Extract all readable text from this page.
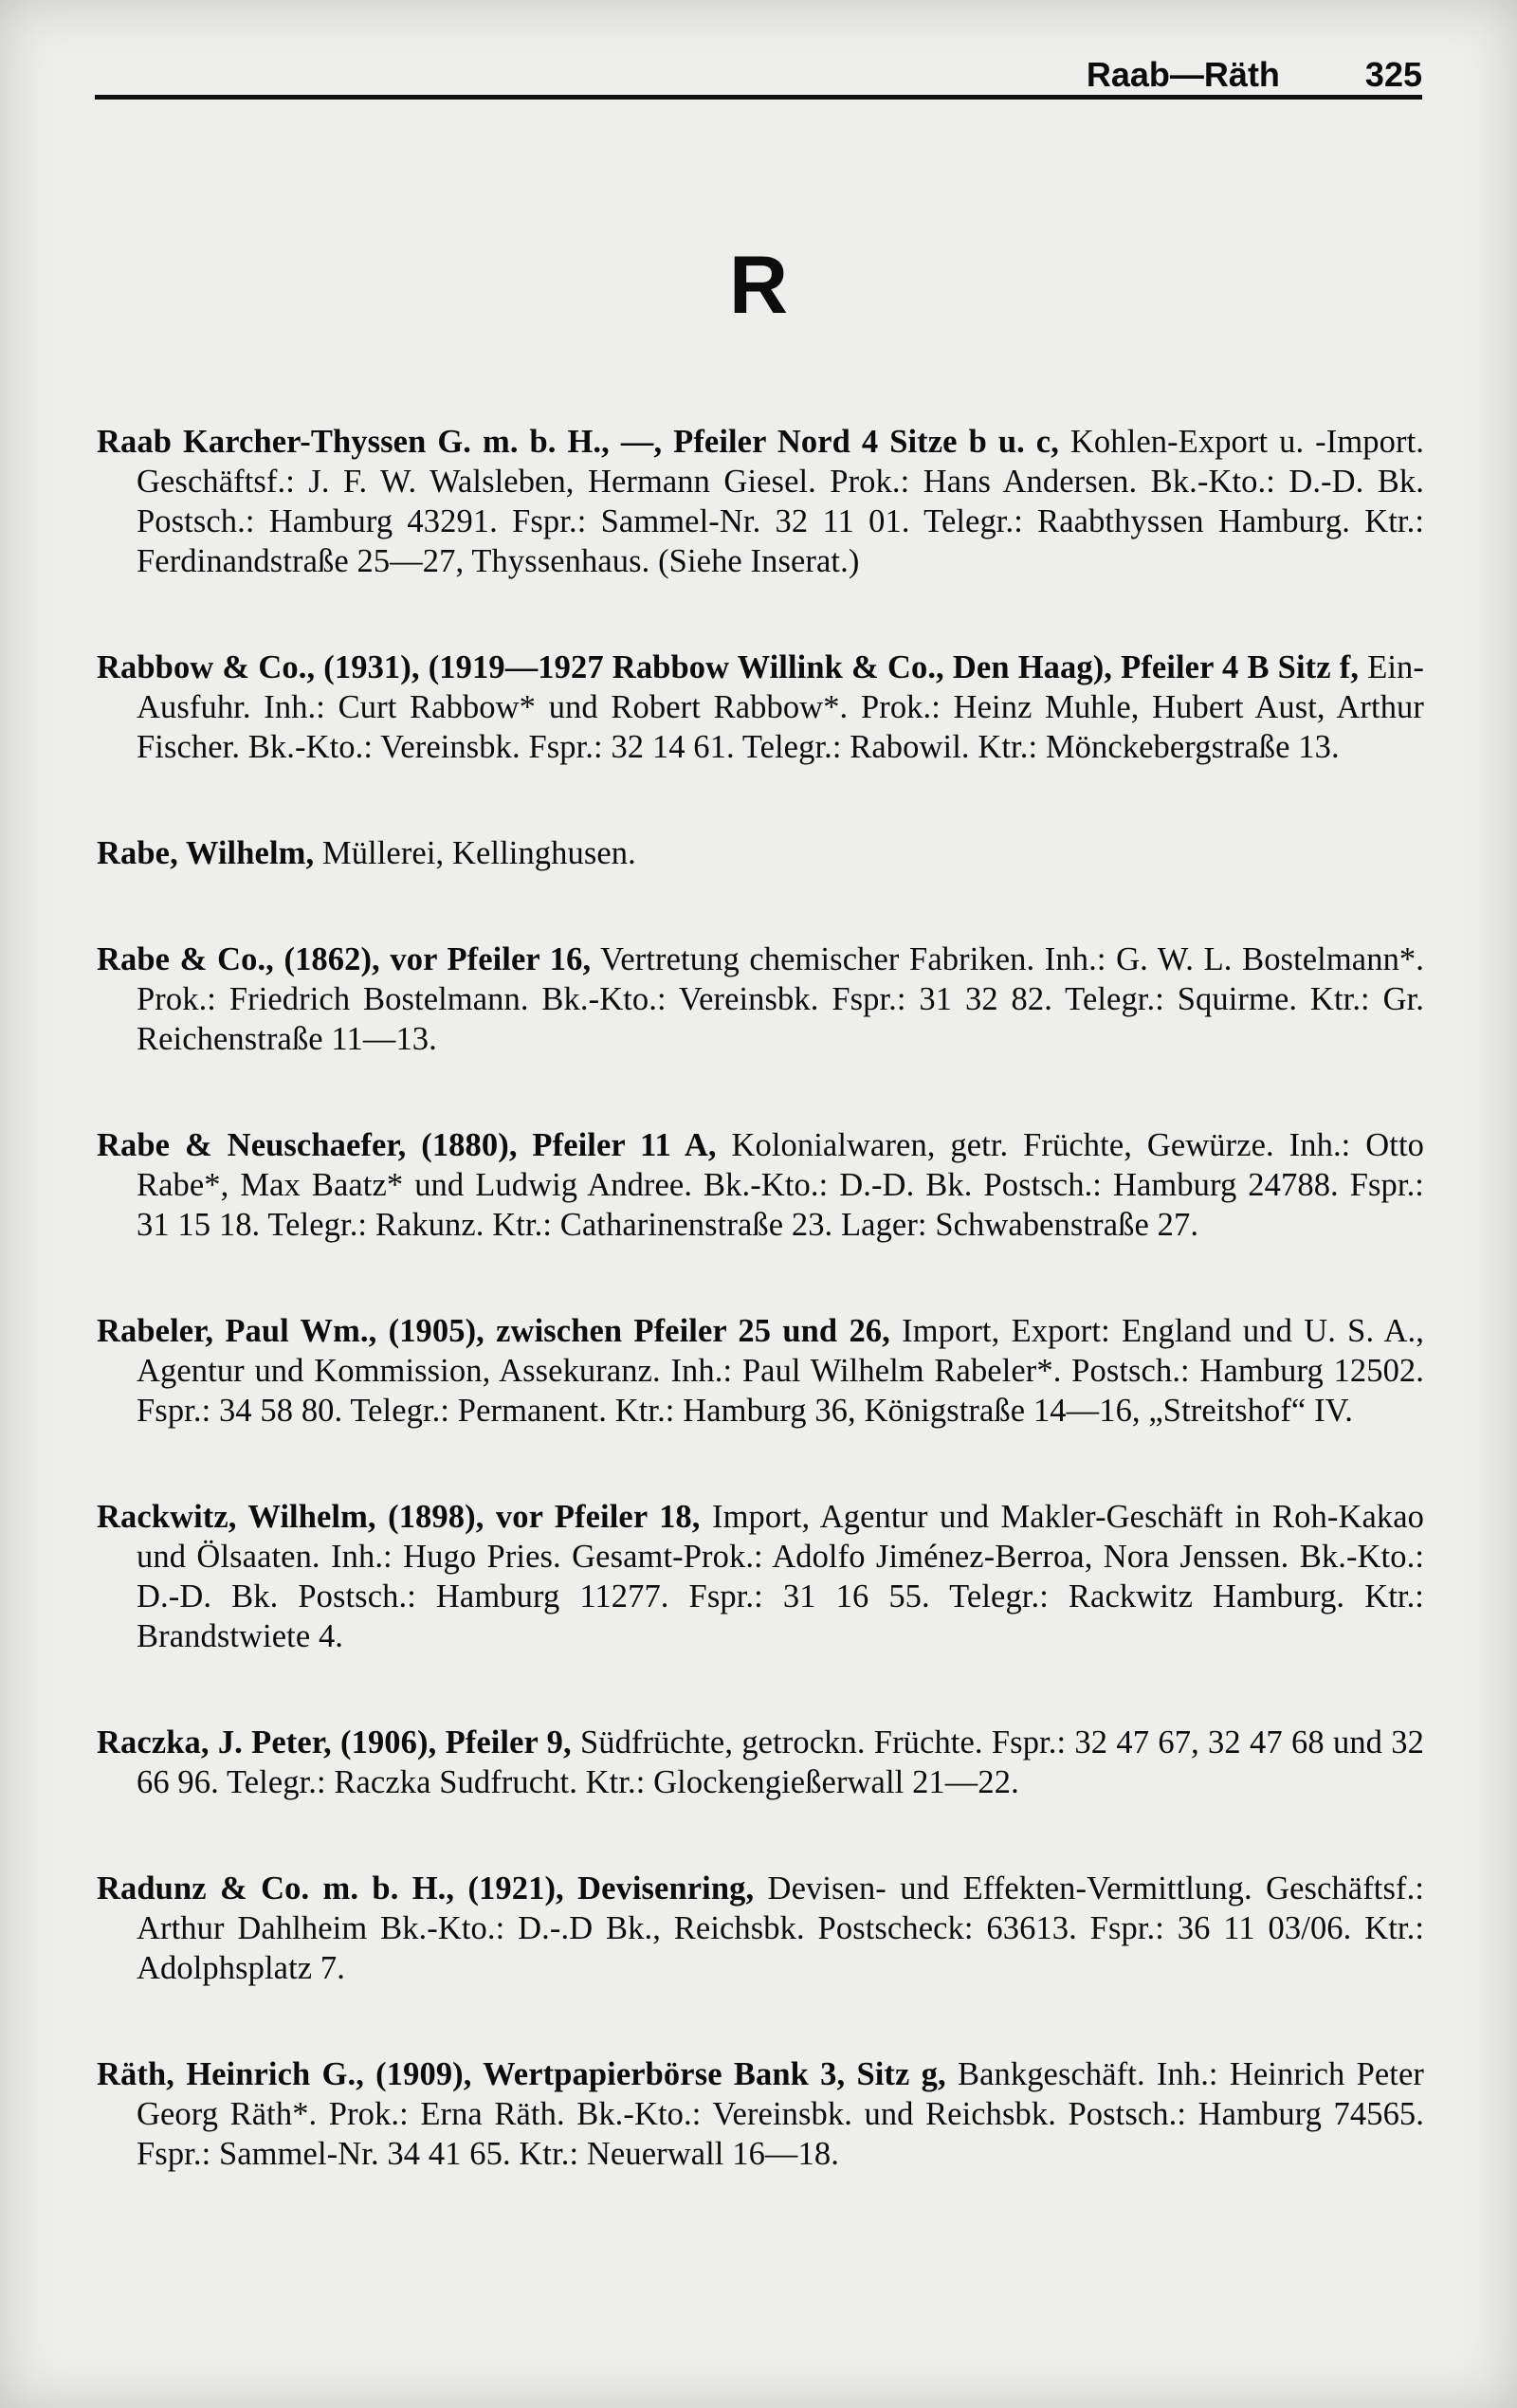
Raab—Räth	325
R

Raab Karcher-Thyssen G. m. b. H., —, Pfeiler Nord 4 Sitze b u. c, Kohlen-Export u. -Import. Geschäftsf.: J. F. W. Walsleben, Hermann Giesel. Prok.: Hans Andersen. Bk.-Kto.: D.-D. Bk. Postsch.: Hamburg 43291. Fspr.: Sammel-Nr. 32 11 01. Telegr.: Raabthyssen Hamburg. Ktr.: Ferdinandstraße 25—27, Thyssenhaus. (Siehe Inserat.)

Rabbow & Co., (1931), (1919—1927 Rabbow Willink & Co., Den Haag), Pfeiler 4 B Sitz f, Ein-Ausfuhr. Inh.: Curt Rabbow* und Robert Rabbow*. Prok.: Heinz Muhle, Hubert Aust, Arthur Fischer. Bk.-Kto.: Vereinsbk. Fspr.: 32 14 61. Telegr.: Rabowil. Ktr.: Mönckebergstraße 13.

Rabe, Wilhelm, Müllerei, Kellinghusen.

Rabe & Co., (1862), vor Pfeiler 16, Vertretung chemischer Fabriken. Inh.: G. W. L. Bostelmann*. Prok.: Friedrich Bostelmann. Bk.-Kto.: Vereinsbk. Fspr.: 31 32 82. Telegr.: Squirme. Ktr.: Gr. Reichenstraße 11—13.

Rabe & Neuschaefer, (1880), Pfeiler 11 A, Kolonialwaren, getr. Früchte, Gewürze. Inh.: Otto Rabe*, Max Baatz* und Ludwig Andree. Bk.-Kto.: D.-D. Bk. Postsch.: Hamburg 24788. Fspr.: 31 15 18. Telegr.: Rakunz. Ktr.: Catharinenstraße 23. Lager: Schwabenstraße 27.

Rabeler, Paul Wm., (1905), zwischen Pfeiler 25 und 26, Import, Export: England und U. S. A., Agentur und Kommission, Assekuranz. Inh.: Paul Wilhelm Rabeler*. Postsch.: Hamburg 12502. Fspr.: 34 58 80. Telegr.: Permanent. Ktr.: Hamburg 36, Königstraße 14—16, „Streitshof“ IV.

Rackwitz, Wilhelm, (1898), vor Pfeiler 18, Import, Agentur und Makler-Geschäft in Roh-Kakao und Ölsaaten. Inh.: Hugo Pries. Gesamt-Prok.: Adolfo Jiménez-Berroa, Nora Jenssen. Bk.-Kto.: D.-D. Bk. Postsch.: Hamburg 11277. Fspr.: 31 16 55. Telegr.: Rackwitz Hamburg. Ktr.: Brandstwiete 4.

Raczka, J. Peter, (1906), Pfeiler 9, Südfrüchte, getrockn. Früchte. Fspr.: 32 47 67, 32 47 68 und 32 66 96. Telegr.: Raczka Sudfrucht. Ktr.: Glockengießerwall 21—22.

Radunz & Co. m. b. H., (1921), Devisenring, Devisen- und Effekten-Vermittlung. Geschäftsf.: Arthur Dahlheim Bk.-Kto.: D.-.D Bk., Reichsbk. Postscheck: 63613. Fspr.: 36 11 03/06. Ktr.: Adolphsplatz 7.

Räth, Heinrich G., (1909), Wertpapierbörse Bank 3, Sitz g, Bankgeschäft. Inh.: Heinrich Peter Georg Räth*. Prok.: Erna Räth. Bk.-Kto.: Vereinsbk. und Reichsbk. Postsch.: Hamburg 74565. Fspr.: Sammel-Nr. 34 41 65. Ktr.: Neuerwall 16—18.
